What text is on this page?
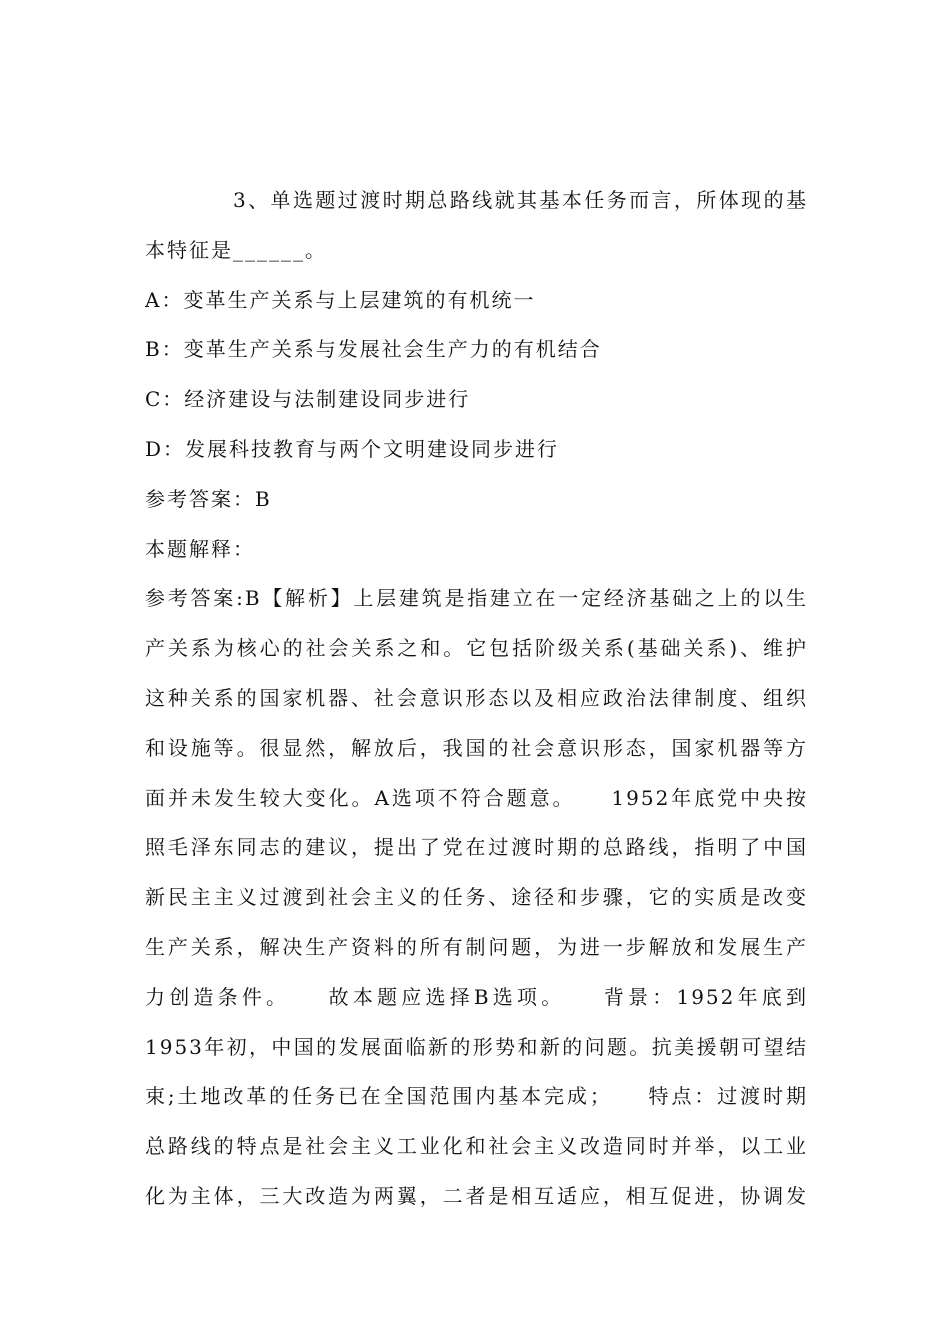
3、单选题过渡时期总路线就其基本任务而言，所体现的基
本特征是______。
A：变革生产关系与上层建筑的有机统一
B：变革生产关系与发展社会生产力的有机结合
C：经济建设与法制建设同步进行
D：发展科技教育与两个文明建设同步进行
参考答案：B
本题解释：
参考答案:B【解析】上层建筑是指建立在一定经济基础之上的以生
产关系为核心的社会关系之和。它包括阶级关系(基础关系)、维护
这种关系的国家机器、社会意识形态以及相应政治法律制度、组织
和设施等。很显然，解放后，我国的社会意识形态，国家机器等方
面并未发生较大变化。A选项不符合题意。　　1952年底党中央按
照毛泽东同志的建议，提出了党在过渡时期的总路线，指明了中国
新民主主义过渡到社会主义的任务、途径和步骤，它的实质是改变
生产关系，解决生产资料的所有制问题，为进一步解放和发展生产
力创造条件。　　故本题应选择B选项。　　背景：1952年底到
1953年初，中国的发展面临新的形势和新的问题。抗美援朝可望结
束;土地改革的任务已在全国范围内基本完成；　　特点：过渡时期
总路线的特点是社会主义工业化和社会主义改造同时并举，以工业
化为主体，三大改造为两翼，二者是相互适应，相互促进，协调发
